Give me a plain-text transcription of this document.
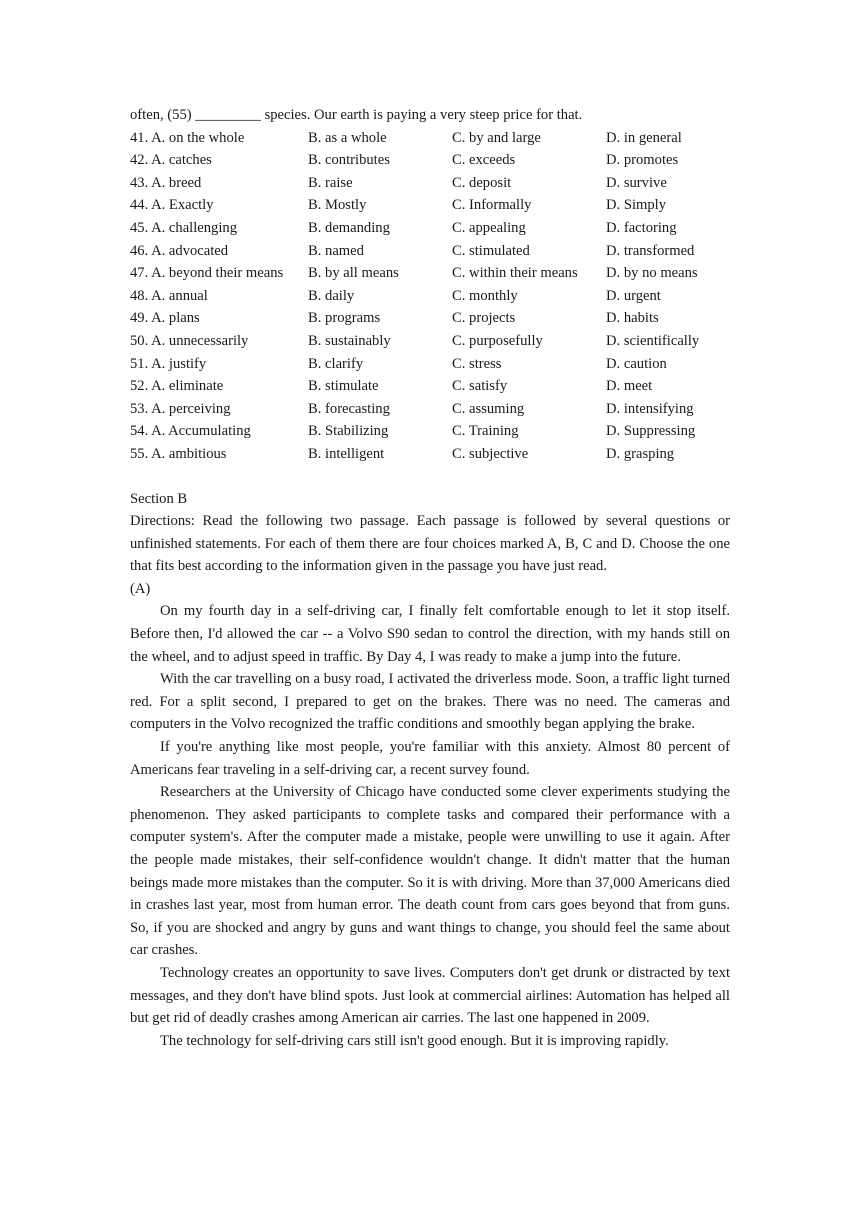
often, (55) _________ species. Our earth is paying a very steep price for that.
41. A. on the whole	B. as a whole	C. by and large	D. in general
42. A. catches	B. contributes	C. exceeds	D. promotes
43. A. breed	B. raise	C. deposit	D. survive
44. A. Exactly	B. Mostly	C. Informally	D. Simply
45. A. challenging	B. demanding	C. appealing	D. factoring
46. A. advocated	B. named	C. stimulated	D. transformed
47. A. beyond their means B. by all means	C. within their means D. by no means
48. A. annual	B. daily	C. monthly	D. urgent
49. A. plans	B. programs	C. projects	D. habits
50. A. unnecessarily	B. sustainably	C. purposefully	D. scientifically
51. A. justify	B. clarify	C. stress	D. caution
52. A. eliminate	B. stimulate	C. satisfy	D. meet
53. A. perceiving	B. forecasting	C. assuming	D. intensifying
54. A. Accumulating	B. Stabilizing	C. Training	D. Suppressing
55. A. ambitious	B. intelligent	C. subjective	D. grasping
Section B
Directions: Read the following two passage. Each passage is followed by several questions or unfinished statements. For each of them there are four choices marked A, B, C and D. Choose the one that fits best according to the information given in the passage you have just read.
(A)
On my fourth day in a self-driving car, I finally felt comfortable enough to let it stop itself. Before then, I'd allowed the car -- a Volvo S90 sedan to control the direction, with my hands still on the wheel, and to adjust speed in traffic. By Day 4, I was ready to make a jump into the future.
With the car travelling on a busy road, I activated the driverless mode. Soon, a traffic light turned red. For a split second, I prepared to get on the brakes. There was no need. The cameras and computers in the Volvo recognized the traffic conditions and smoothly began applying the brake.
If you're anything like most people, you're familiar with this anxiety. Almost 80 percent of Americans fear traveling in a self-driving car, a recent survey found.
Researchers at the University of Chicago have conducted some clever experiments studying the phenomenon. They asked participants to complete tasks and compared their performance with a computer system's. After the computer made a mistake, people were unwilling to use it again. After the people made mistakes, their self-confidence wouldn't change. It didn't matter that the human beings made more mistakes than the computer. So it is with driving. More than 37,000 Americans died in crashes last year, most from human error. The death count from cars goes beyond that from guns. So, if you are shocked and angry by guns and want things to change, you should feel the same about car crashes.
Technology creates an opportunity to save lives. Computers don't get drunk or distracted by text messages, and they don't have blind spots. Just look at commercial airlines: Automation has helped all but get rid of deadly crashes among American air carries. The last one happened in 2009.
The technology for self-driving cars still isn't good enough. But it is improving rapidly.
